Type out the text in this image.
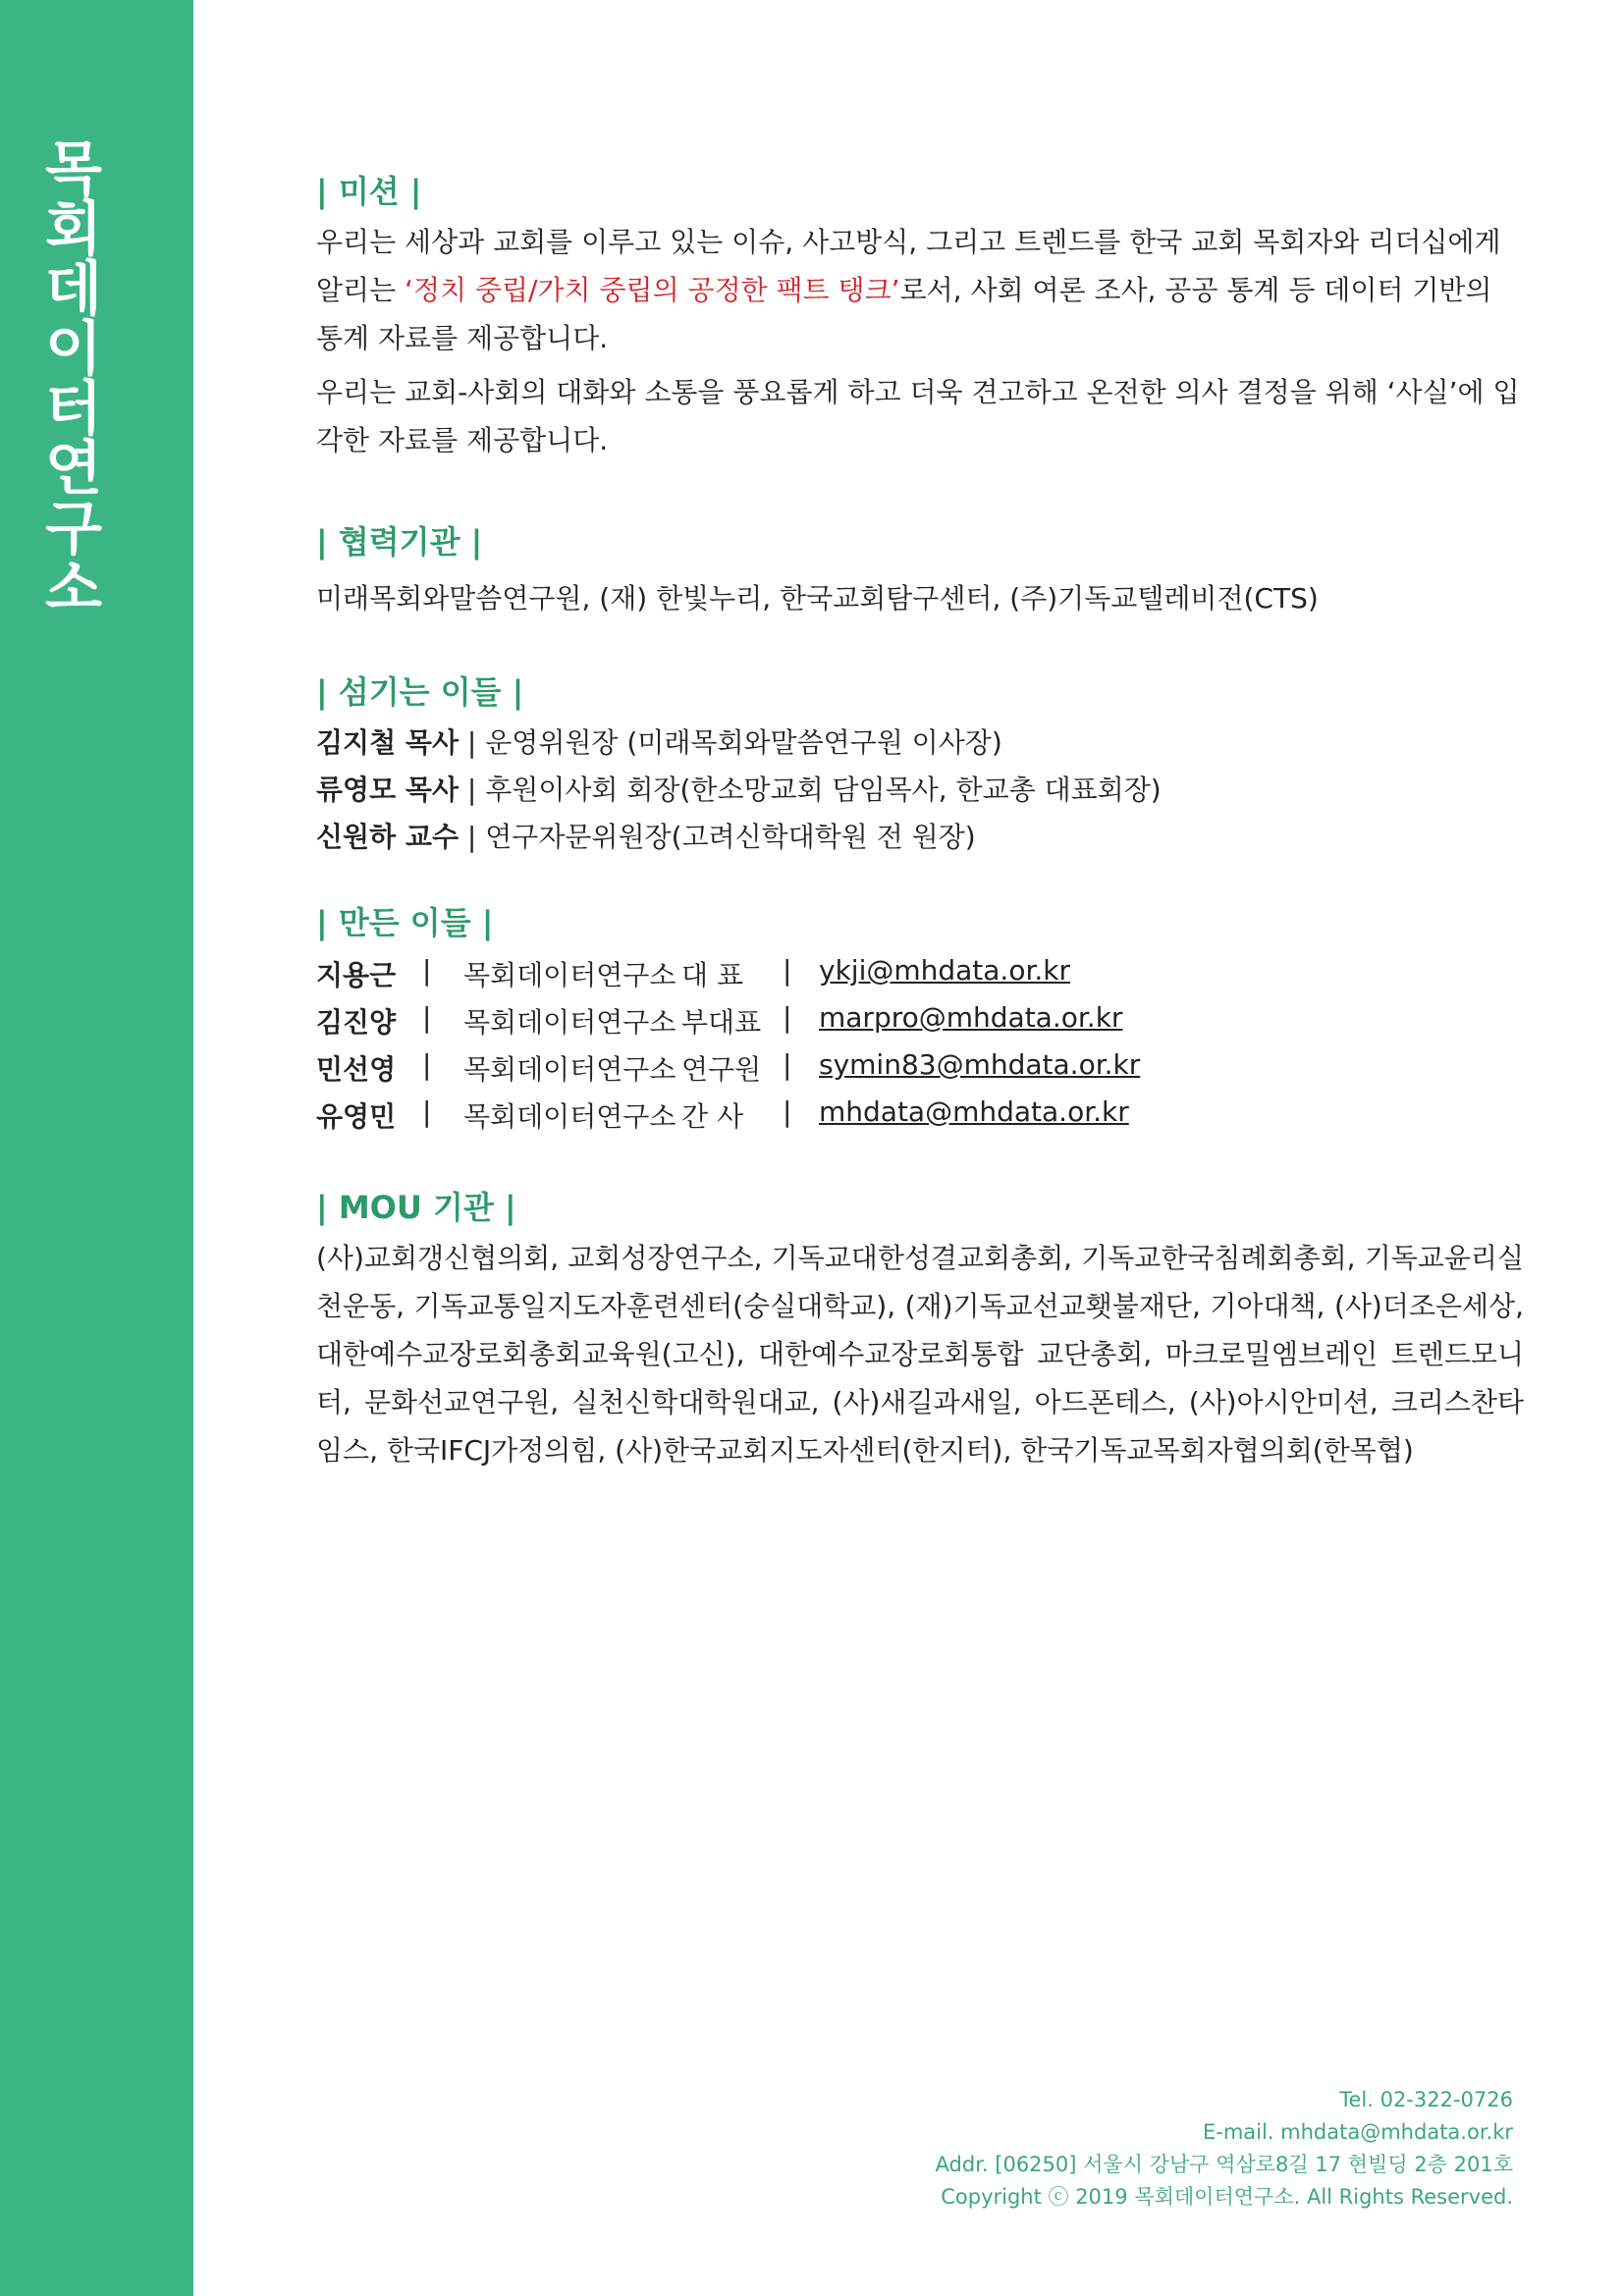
목회데이터연구소	| 미션 |
우리는 세상과 교회를 이루고 있는 이슈, 사고방식, 그리고 트렌드를 한국 교회 목회자와 리더십에게 알리는 ‘정치 중립/가치 중립의 공정한 팩트 탱크’로서, 사회 여론 조사, 공공 통계 등 데이터 기반의 통계 자료를 제공합니다.
우리는 교회-사회의 대화와 소통을 풍요롭게 하고 더욱 견고하고 온전한 의사 결정을 위해 ‘사실’에 입각한 자료를 제공합니다.
| 협력기관 |
미래목회와말씀연구원, (재) 한빛누리, 한국교회탐구센터, (주)기독교텔레비전(CTS)
| 섬기는 이들 |
김지철 목사 | 운영위원장 (미래목회와말씀연구원 이사장)
류영모 목사 | 후원이사회 회장(한소망교회 담임목사, 한교총 대표회장)
신원하 교수 | 연구자문위원장(고려신학대학원 전 원장)
| 만든 이들 |
지용근 | 목회데이터연구소 대 표 | ykji@mhdata.or.kr
김진양 | 목회데이터연구소 부대표 | marpro@mhdata.or.kr
민선영 | 목회데이터연구소 연구원 | symin83@mhdata.or.kr
유영민 | 목회데이터연구소 간 사 | mhdata@mhdata.or.kr
| MOU 기관 |
(사)교회갱신협의회, 교회성장연구소, 기독교대한성결교회총회, 기독교한국침례회총회, 기독교윤리실천운동, 기독교통일지도자훈련센터(숭실대학교), (재)기독교선교횃불재단, 기아대책, (사)더조은세상, 대한예수교장로회총회교육원(고신), 대한예수교장로회통합 교단총회, 마크로밀엠브레인 트렌드모니터, 문화선교연구원, 실천신학대학원대교, (사)새길과새일, 아드폰테스, (사)아시안미션, 크리스찬타임스, 한국IFCJ가정의힘, (사)한국교회지도자센터(한지터), 한국기독교목회자협의회(한목협)
Tel. 02-322-0726
E-mail. mhdata@mhdata.or.kr
Addr. [06250] 서울시 강남구 역삼로8길 17 현빌딩 2층 201호
Copyright ⓒ 2019 목회데이터연구소. All Rights Reserved.
